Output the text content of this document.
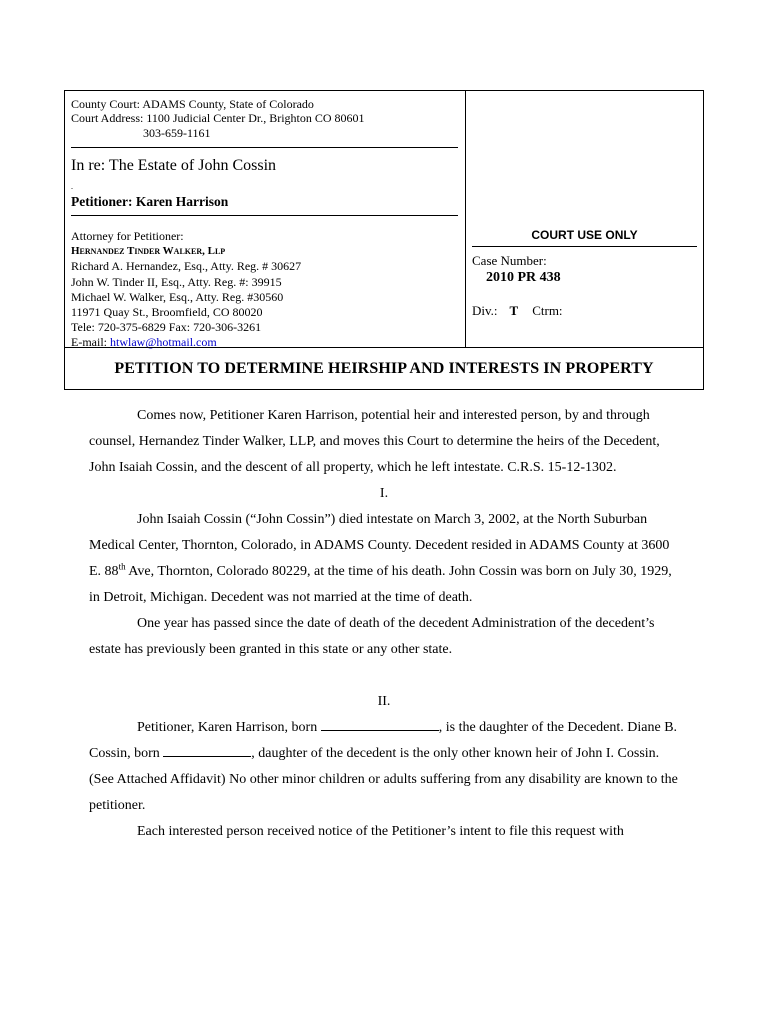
County Court: ADAMS County, State of Colorado
Court Address: 1100 Judicial Center Dr., Brighton CO 80601
303-659-1161
In re: The Estate of John Cossin
.
Petitioner: Karen Harrison
Attorney for Petitioner:
Hernandez Tinder Walker, Llp
Richard A. Hernandez, Esq., Atty. Reg. # 30627
John W. Tinder II, Esq., Atty. Reg. #: 39915
Michael W. Walker, Esq., Atty. Reg. #30560
11971 Quay St., Broomfield, CO 80020
Tele: 720-375-6829 Fax: 720-306-3261
E-mail: htwlaw@hotmail.com
COURT USE ONLY
Case Number:
2010 PR 438
Div.: T Ctrm:
PETITION TO DETERMINE HEIRSHIP AND INTERESTS IN PROPERTY

Comes now, Petitioner Karen Harrison, potential heir and interested person, by and through counsel, Hernandez Tinder Walker, LLP, and moves this Court to determine the heirs of the Decedent, John Isaiah Cossin, and the descent of all property, which he left intestate. C.R.S. 15-12-1302.

I.

John Isaiah Cossin (“John Cossin”) died intestate on March 3, 2002, at the North Suburban Medical Center, Thornton, Colorado, in ADAMS County. Decedent resided in ADAMS County at 3600 E. 88th Ave, Thornton, Colorado 80229, at the time of his death. John Cossin was born on July 30, 1929, in Detroit, Michigan. Decedent was not married at the time of death.

One year has passed since the date of death of the decedent Administration of the decedent’s estate has previously been granted in this state or any other state.

II.

Petitioner, Karen Harrison, born	, is the daughter of the Decedent. Diane B. Cossin, born	, daughter of the decedent is the only other known heir of John I. Cossin. (See Attached Affidavit) No other minor children or adults suffering from any disability are known to the petitioner.

Each interested person received notice of the Petitioner’s intent to file this request with
